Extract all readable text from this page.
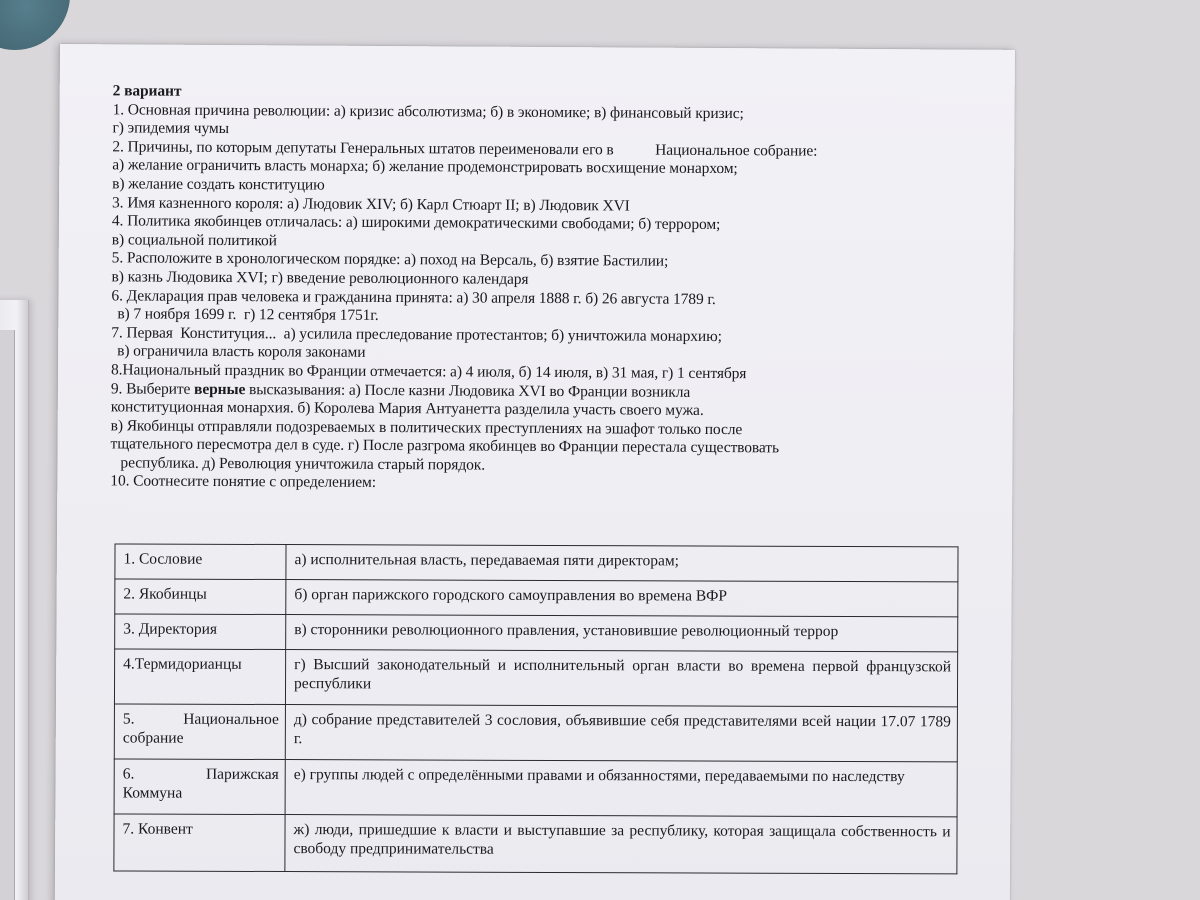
2 вариант

1. Основная причина революции: а) кризис абсолютизма; б) в экономике; в) финансовый кризис;

г) эпидемия чумы

2. Причины, по которым депутаты Генеральных штатов переименовали его в           Национальное собрание:

а) желание ограничить власть монарха; б) желание продемонстрировать восхищение монархом;

в) желание создать конституцию

3. Имя казненного короля: а) Людовик XIV; б) Карл Стюарт II; в) Людовик XVI

4. Политика якобинцев отличалась: а) широкими демократическими свободами; б) террором;

в) социальной политикой

5. Расположите в хронологическом порядке: а) поход на Версаль, б) взятие Бастилии;

в) казнь Людовика XVI; г) введение революционного календаря

6. Декларация прав человека и гражданина принята: а) 30 апреля 1888 г. б) 26 августа 1789 г.

в) 7 ноября 1699 г.  г) 12 сентября 1751г.

7. Первая  Конституция...  а) усилила преследование протестантов; б) уничтожила монархию;

в) ограничила власть короля законами

8.Национальный праздник во Франции отмечается: а) 4 июля, б) 14 июля, в) 31 мая, г) 1 сентября

9. Выберите верные высказывания: а) После казни Людовика XVI во Франции возникла

конституционная монархия. б) Королева Мария Антуанетта разделила участь своего мужа.

в) Якобинцы отправляли подозреваемых в политических преступлениях на эшафот только после

тщательного пересмотра дел в суде. г) После разгрома якобинцев во Франции перестала существовать

республика. д) Революция уничтожила старый порядок.

10. Соотнесите понятие с определением:

1. Сословие	а) исполнительная власть, передаваемая пяти директорам;
2. Якобинцы	б) орган парижского городского самоуправления во времена ВФР
3. Директория	в) сторонники революционного правления, установившие революционный террор
4.Термидорианцы	г) Высший законодательный и исполнительный орган власти во времена первой французской республики
5.    Национальное собрание	д) собрание представителей 3 сословия, объявившие себя представителями всей нации 17.07 1789 г.
6.       Парижская Коммуна	е) группы людей с определёнными правами и обязанностями, передаваемыми по наследству
7. Конвент	ж) люди, пришедшие к власти и выступавшие за республику, которая защищала собственность и свободу предпринимательства
